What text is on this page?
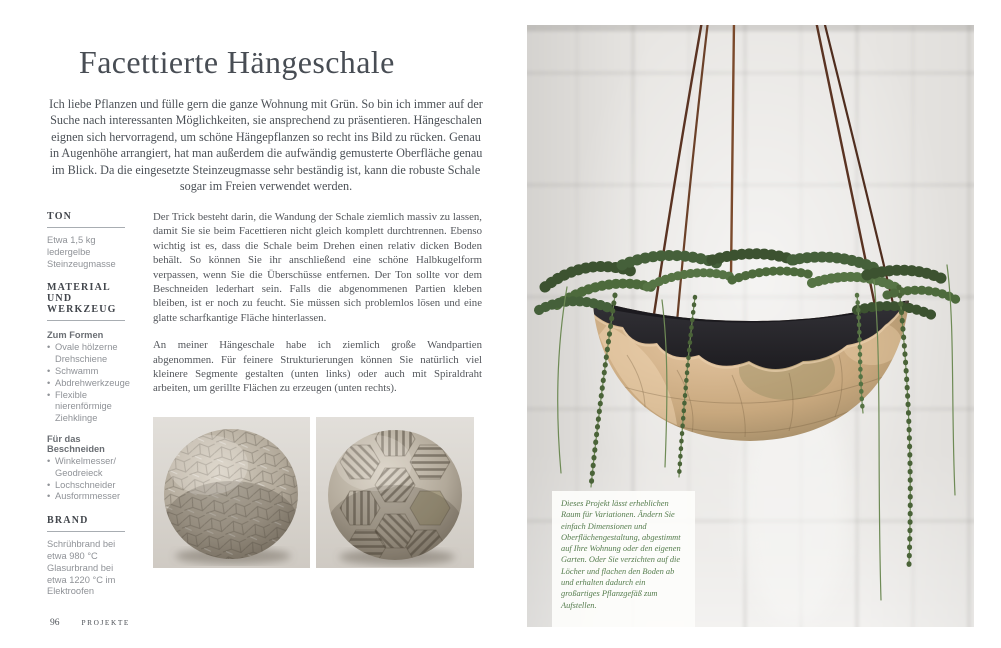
Facettierte Hängeschale

Ich liebe Pflanzen und fülle gern die ganze Wohnung mit Grün. So bin ich immer auf der Suche nach interessanten Möglichkeiten, sie ansprechend zu präsentieren. Hängeschalen eignen sich hervorragend, um schöne Hängepflanzen so recht ins Bild zu rücken. Genau in Augenhöhe arrangiert, hat man außerdem die aufwändig gemusterte Oberfläche genau im Blick. Da die eingesetzte Steinzeugmasse sehr beständig ist, kann die robuste Schale sogar im Freien verwendet werden.

TON

Etwa 1,5 kg ledergelbe Steinzeugmasse

MATERIAL UND WERKZEUG

Zum Formen

• Ovale hölzerne Drehschiene
• Schwamm
• Abdrehwerkzeuge
• Flexible nierenförmige Ziehklinge

Für das Beschneiden

• Winkelmesser/ Geodreieck
• Lochschneider
• Ausformmesser
BRAND

Schrühbrand bei etwa 980 °C Glasurbrand bei etwa 1220 °C im Elektroofen

Der Trick besteht darin, die Wandung der Schale ziemlich massiv zu lassen, damit Sie sie beim Facettieren nicht gleich komplett durchtrennen. Ebenso wichtig ist es, dass die Schale beim Drehen einen relativ dicken Boden behält. So können Sie ihr anschließend eine schöne Halbkugelform verpassen, wenn Sie die Überschüsse entfernen. Der Ton sollte vor dem Beschneiden lederhart sein. Falls die abgenommenen Partien kleben bleiben, ist er noch zu feucht. Sie müssen sich problemlos lösen und eine glatte scharfkantige Fläche hinterlassen.

An meiner Hängeschale habe ich ziemlich große Wandpartien abgenommen. Für feinere Strukturierungen können Sie natürlich viel kleinere Segmente gestalten (unten links) oder auch mit Spiraldraht arbeiten, um gerillte Flächen zu erzeugen (unten rechts).

96	PROJEKTE
Dieses Projekt lässt erheblichen Raum für Variationen. Ändern Sie einfach Dimensionen und Oberflächengestaltung, abgestimmt auf Ihre Wohnung oder den eigenen Garten. Oder Sie verzichten auf die Löcher und flachen den Boden ab und erhalten dadurch ein großartiges Pflanzgefäß zum Aufstellen.
